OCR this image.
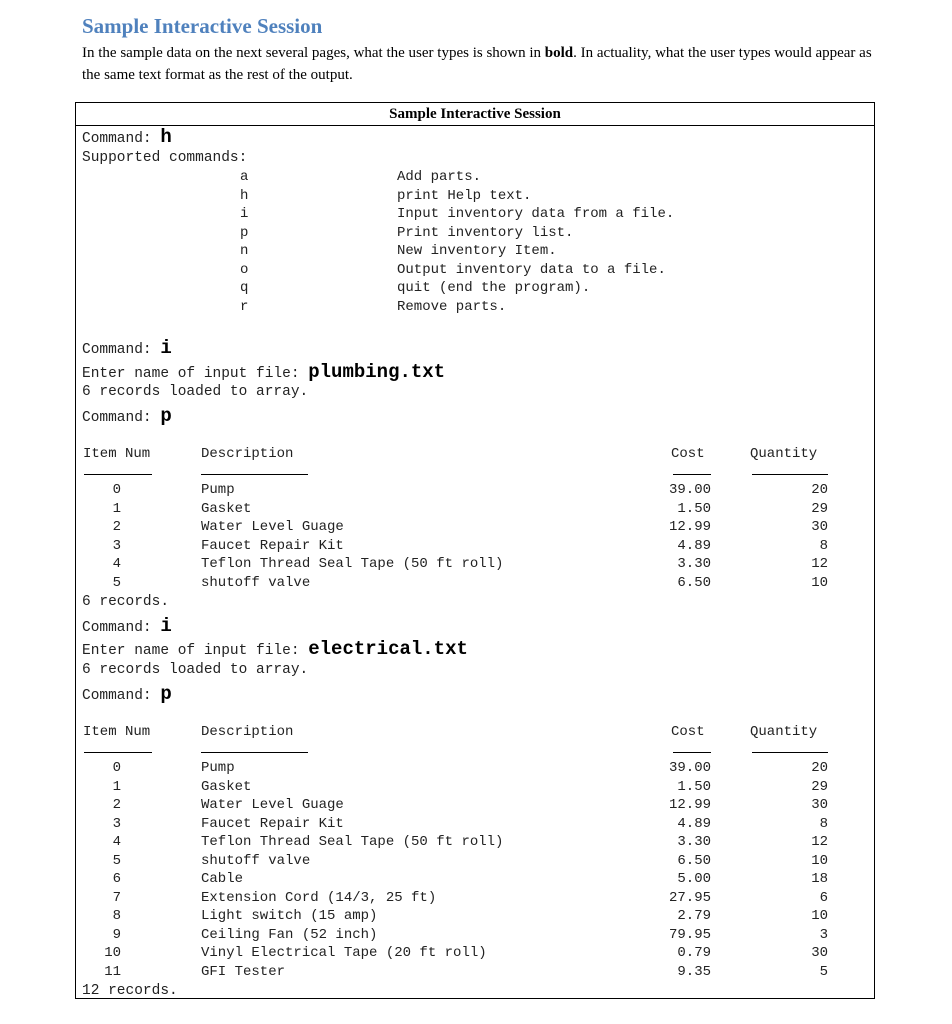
Sample Interactive Session

In the sample data on the next several pages, what the user types is shown in bold. In actuality, what the user types would appear as the same text format as the rest of the output.

Sample Interactive Session
Command: h
Supported commands:
a	Add parts.
h	print Help text.
i	Input inventory data from a file.
p	Print inventory list.
n	New inventory Item.
o	Output inventory data to a file.
q	quit (end the program).
r	Remove parts.
Command: i
Enter name of input file: plumbing.txt
6 records loaded to array.
Command: p
Item Num	Description	Cost	Quantity
0	Pump	39.00	20
1	Gasket	1.50	29
2	Water Level Guage	12.99	30
3	Faucet Repair Kit	4.89	8
4	Teflon Thread Seal Tape (50 ft roll)	3.30	12
5	shutoff valve	6.50	10
6 records.
Command: i
Enter name of input file: electrical.txt
6 records loaded to array.
Command: p
Item Num	Description	Cost	Quantity
0	Pump	39.00	20
1	Gasket	1.50	29
2	Water Level Guage	12.99	30
3	Faucet Repair Kit	4.89	8
4	Teflon Thread Seal Tape (50 ft roll)	3.30	12
5	shutoff valve	6.50	10
6	Cable	5.00	18
7	Extension Cord (14/3, 25 ft)	27.95	6
8	Light switch (15 amp)	2.79	10
9	Ceiling Fan (52 inch)	79.95	3
10	Vinyl Electrical Tape (20 ft roll)	0.79	30
11	GFI Tester	9.35	5
12 records.
